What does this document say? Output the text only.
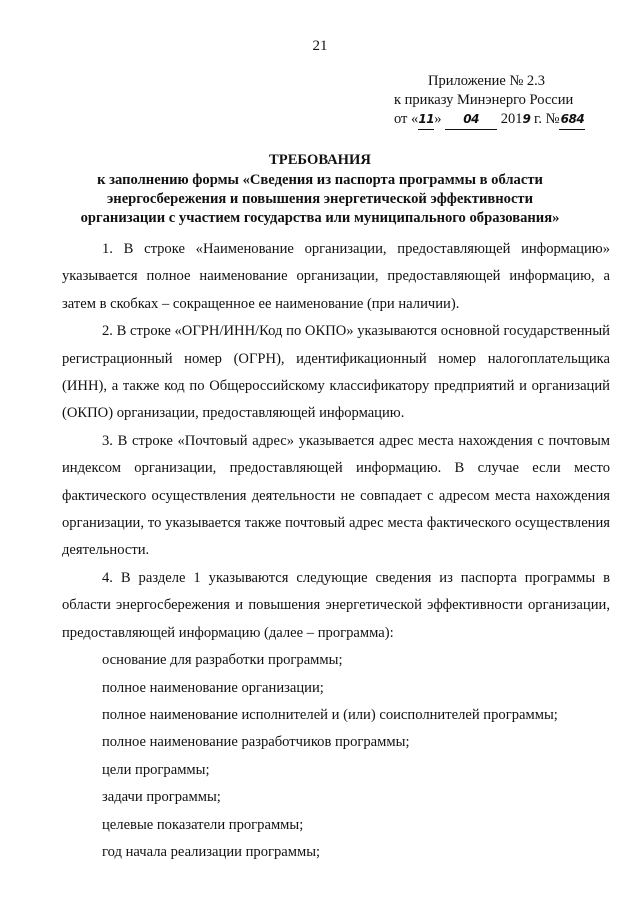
21
Приложение № 2.3
к приказу Минэнерго России
от «11» 04 2019 г. №684
ТРЕБОВАНИЯ
к заполнению формы «Сведения из паспорта программы в области
энергосбережения и повышения энергетической эффективности
организации с участием государства или муниципального образования»

1. В строке «Наименование организации, предоставляющей информацию» указывается полное наименование организации, предоставляющей информацию, а затем в скобках – сокращенное ее наименование (при наличии).

2. В строке «ОГРН/ИНН/Код по ОКПО» указываются основной государственный регистрационный номер (ОГРН), идентификационный номер налогоплательщика (ИНН), а также код по Общероссийскому классификатору предприятий и организаций (ОКПО) организации, предоставляющей информацию.

3. В строке «Почтовый адрес» указывается адрес места нахождения с почтовым индексом организации, предоставляющей информацию. В случае если место фактического осуществления деятельности не совпадает с адресом места нахождения организации, то указывается также почтовый адрес места фактического осуществления деятельности.

4. В разделе 1 указываются следующие сведения из паспорта программы в области энергосбережения и повышения энергетической эффективности организации, предоставляющей информацию (далее – программа):

основание для разработки программы;
полное наименование организации;
полное наименование исполнителей и (или) соисполнителей программы;
полное наименование разработчиков программы;
цели программы;
задачи программы;
целевые показатели программы;
год начала реализации программы;
